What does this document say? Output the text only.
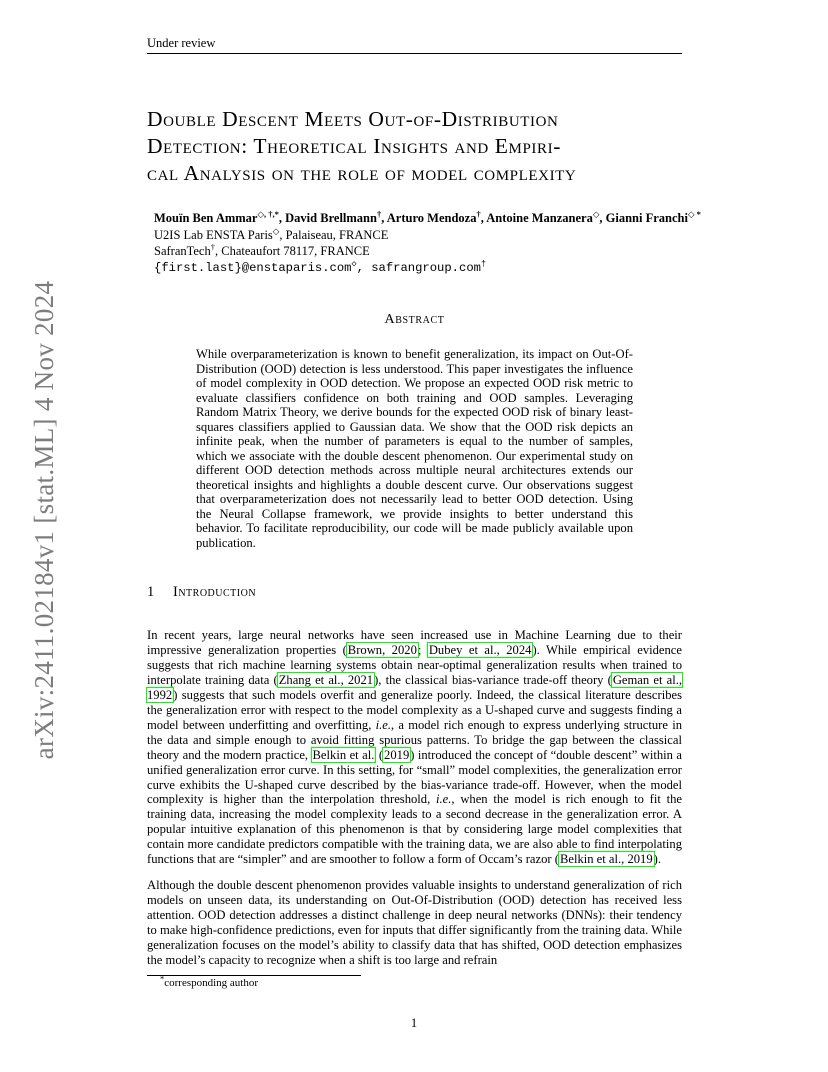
Under review
arXiv:2411.02184v1 [stat.ML] 4 Nov 2024
Double Descent Meets Out-of-Distribution
Detection: Theoretical Insights and Empiri-
cal Analysis on the role of model complexity
Mouïn Ben Ammar◇, †,*, David Brellmann†, Arturo Mendoza†, Antoine Manzanera◇, Gianni Franchi◇ *
U2IS Lab ENSTA Paris◇, Palaiseau, FRANCE
SafranTech†, Chateaufort 78117, FRANCE
{first.last}@enstaparis.com◇, safrangroup.com†
Abstract
While overparameterization is known to benefit generalization, its impact on Out-Of-Distribution (OOD) detection is less understood. This paper investigates the influence of model complexity in OOD detection. We propose an expected OOD risk metric to evaluate classifiers confidence on both training and OOD samples. Leveraging Random Matrix Theory, we derive bounds for the expected OOD risk of binary least-squares classifiers applied to Gaussian data. We show that the OOD risk depicts an infinite peak, when the number of parameters is equal to the number of samples, which we associate with the double descent phenomenon. Our experimental study on different OOD detection methods across multiple neural architectures extends our theoretical insights and highlights a double descent curve. Our observations suggest that overparameterization does not necessarily lead to better OOD detection. Using the Neural Collapse framework, we provide insights to better understand this behavior. To facilitate reproducibility, our code will be made publicly available upon publication.
1 Introduction
In recent years, large neural networks have seen increased use in Machine Learning due to their impressive generalization properties (Brown, 2020; Dubey et al., 2024). While empirical evidence suggests that rich machine learning systems obtain near-optimal generalization results when trained to interpolate training data (Zhang et al., 2021), the classical bias-variance trade-off theory (Geman et al., 1992) suggests that such models overfit and generalize poorly. Indeed, the classical literature describes the generalization error with respect to the model complexity as a U-shaped curve and suggests finding a model between underfitting and overfitting, i.e., a model rich enough to express underlying structure in the data and simple enough to avoid fitting spurious patterns. To bridge the gap between the classical theory and the modern practice, Belkin et al. (2019) introduced the concept of “double descent” within a unified generalization error curve. In this setting, for “small” model complexities, the generalization error curve exhibits the U-shaped curve described by the bias-variance trade-off. However, when the model complexity is higher than the interpolation threshold, i.e., when the model is rich enough to fit the training data, increasing the model complexity leads to a second decrease in the generalization error. A popular intuitive explanation of this phenomenon is that by considering large model complexities that contain more candidate predictors compatible with the training data, we are also able to find interpolating functions that are “simpler” and are smoother to follow a form of Occam’s razor (Belkin et al., 2019).
Although the double descent phenomenon provides valuable insights to understand generalization of rich models on unseen data, its understanding on Out-Of-Distribution (OOD) detection has received less attention. OOD detection addresses a distinct challenge in deep neural networks (DNNs): their tendency to make high-confidence predictions, even for inputs that differ significantly from the training data. While generalization focuses on the model’s ability to classify data that has shifted, OOD detection emphasizes the model’s capacity to recognize when a shift is too large and refrain
*corresponding author
1
